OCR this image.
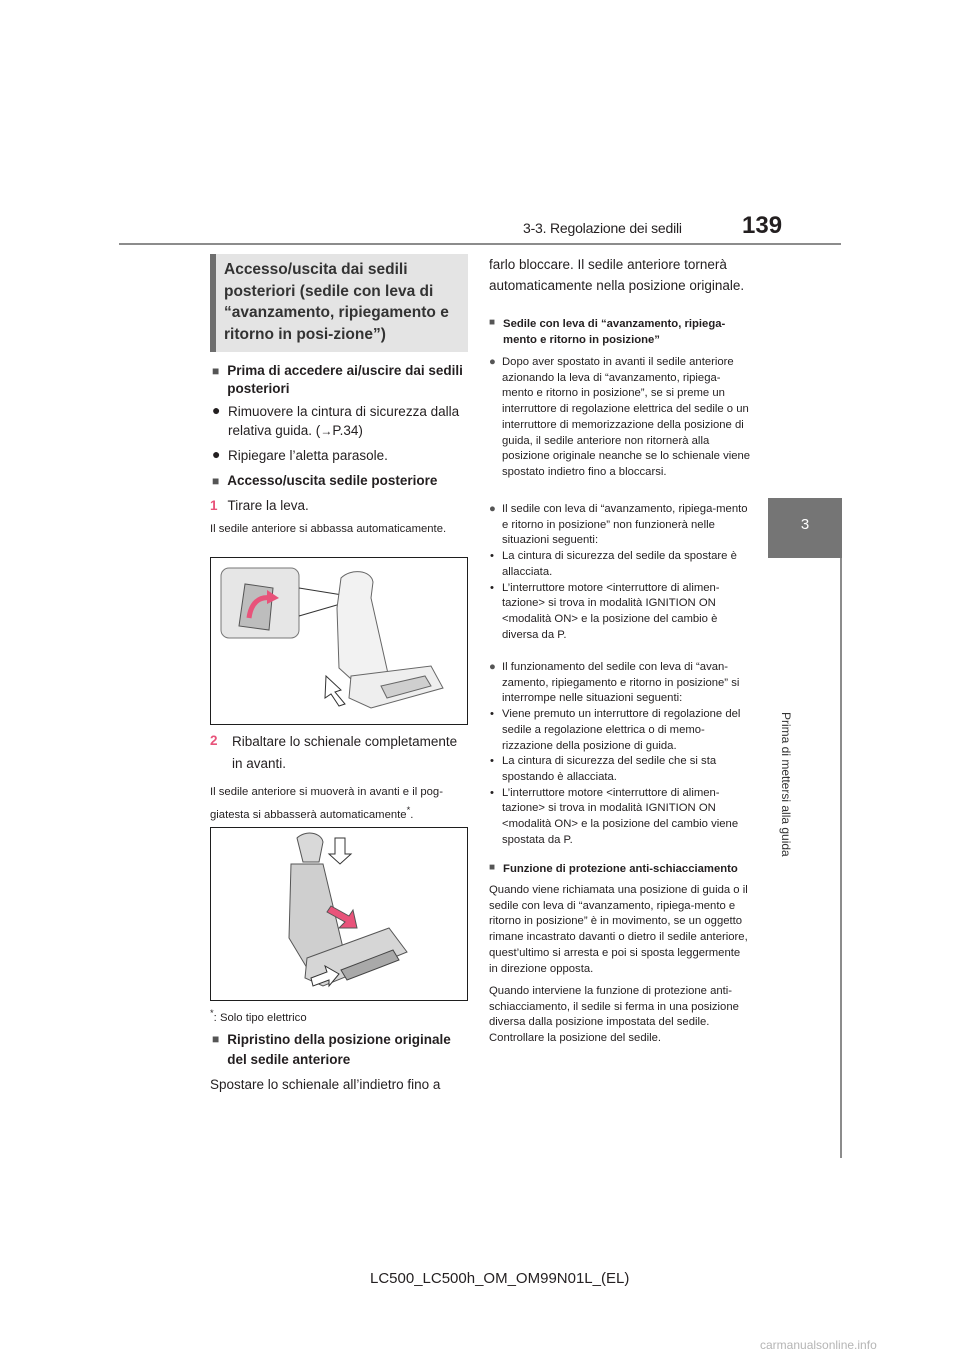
3-3. Regolazione dei sedili	139
3
Prima di mettersi alla guida
Accesso/uscita dai sedili posteriori (sedile con leva di “avanzamento, ripiegamento e ritorno in posi-zione”)
■ Prima di accedere ai/uscire dai sedili posteriori
● Rimuovere la cintura di sicurezza dalla relativa guida. (→P.34)
● Ripiegare l’aletta parasole.
■ Accesso/uscita sedile posteriore
1 Tirare la leva.
Il sedile anteriore si abbassa automaticamente.
2	Ribaltare lo schienale completamente in avanti.
Il sedile anteriore si muoverà in avanti e il pog-giatesta si abbasserà automaticamente*.
*: Solo tipo elettrico
■ Ripristino della posizione originale del sedile anteriore
Spostare lo schienale all’indietro fino a
farlo bloccare. Il sedile anteriore tornerà automaticamente nella posizione originale.
■ Sedile con leva di “avanzamento, ripiega-mento e ritorno in posizione”
● Dopo aver spostato in avanti il sedile anteriore azionando la leva di “avanzamento, ripiega-mento e ritorno in posizione”, se si preme un interruttore di regolazione elettrica del sedile o un interruttore di memorizzazione della posizione di guida, il sedile anteriore non ritornerà alla posizione originale neanche se lo schienale viene spostato indietro fino a bloccarsi.
● Il sedile con leva di “avanzamento, ripiega-mento e ritorno in posizione” non funzionerà nelle situazioni seguenti:
• La cintura di sicurezza del sedile da spostare è allacciata.
• L’interruttore motore <interruttore di alimen-tazione> si trova in modalità IGNITION ON <modalità ON> e la posizione del cambio è diversa da P.
● Il funzionamento del sedile con leva di “avan-zamento, ripiegamento e ritorno in posizione” si interrompe nelle situazioni seguenti:
• Viene premuto un interruttore di regolazione del sedile a regolazione elettrica o di memo-rizzazione della posizione di guida.
• La cintura di sicurezza del sedile che si sta spostando è allacciata.
• L’interruttore motore <interruttore di alimen-tazione> si trova in modalità IGNITION ON <modalità ON> e la posizione del cambio viene spostata da P.
■ Funzione di protezione anti-schiacciamento
Quando viene richiamata una posizione di guida o il sedile con leva di “avanzamento, ripiega-mento e ritorno in posizione” è in movimento, se un oggetto rimane incastrato davanti o dietro il sedile anteriore, quest’ultimo si arresta e poi si sposta leggermente in direzione opposta.
Quando interviene la funzione di protezione anti-schiacciamento, il sedile si ferma in una posizione diversa dalla posizione impostata del sedile. Controllare la posizione del sedile.
LC500_LC500h_OM_OM99N01L_(EL)
carmanualsonline.info
